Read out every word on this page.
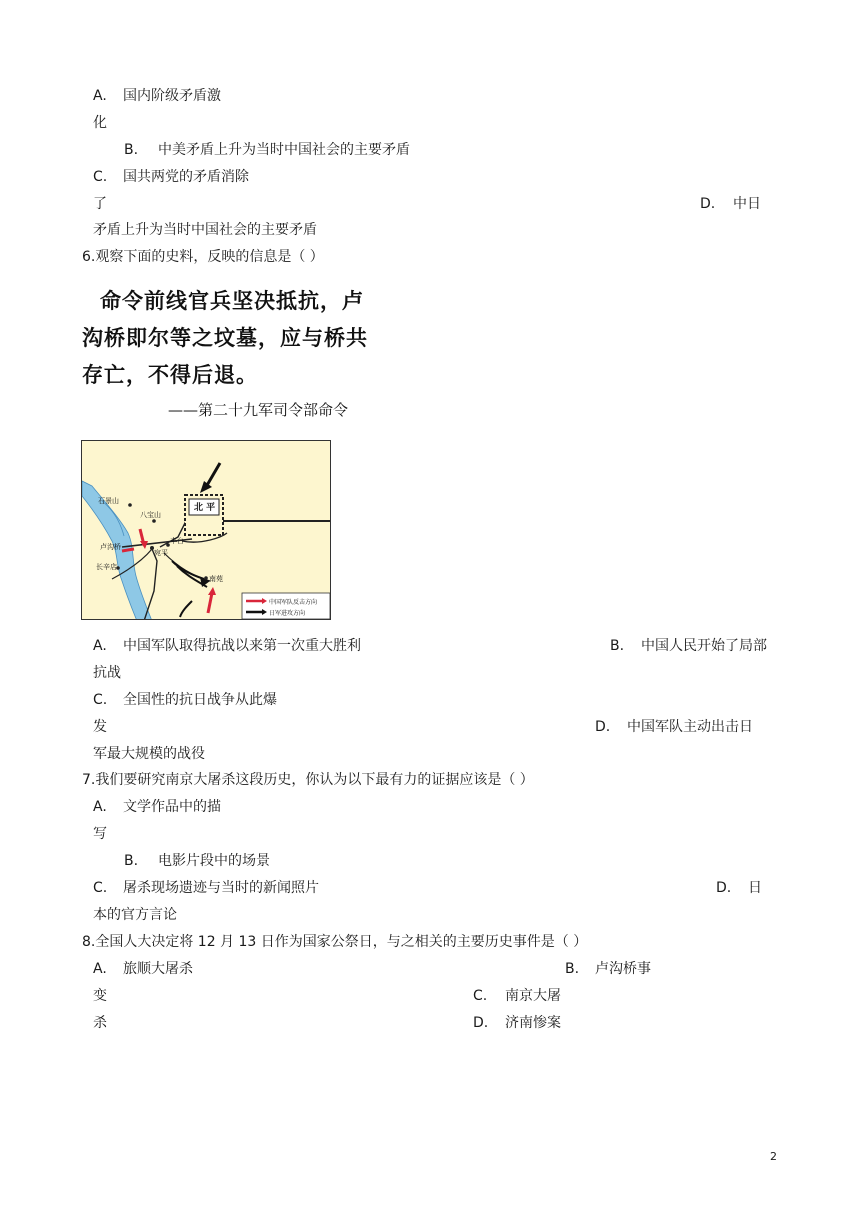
A. 国内阶级矛盾激
化
B. 中美矛盾上升为当时中国社会的主要矛盾
C. 国共两党的矛盾消除
了	D. 中日
矛盾上升为当时中国社会的主要矛盾
6.观察下面的史料，反映的信息是（ ）
命令前线官兵坚决抵抗，卢
沟桥即尔等之坟墓，应与桥共
存亡，不得后退。
——第二十九军司令部命令
北 平
石景山
八宝山
卢沟桥
宛平
丰台
长辛店
南苑
中国军队反击方向
日军进攻方向
A. 中国军队取得抗战以来第一次重大胜利	B. 中国人民开始了局部
抗战
C. 全国性的抗日战争从此爆
发	D. 中国军队主动出击日
军最大规模的战役
7.我们要研究南京大屠杀这段历史，你认为以下最有力的证据应该是（ ）
A. 文学作品中的描
写
B. 电影片段中的场景
C. 屠杀现场遗迹与当时的新闻照片	D. 日
本的官方言论
8.全国人大决定将 12 月 13 日作为国家公祭日，与之相关的主要历史事件是（ ）
A. 旅顺大屠杀	B. 卢沟桥事
变	C. 南京大屠
杀	D. 济南惨案
2
